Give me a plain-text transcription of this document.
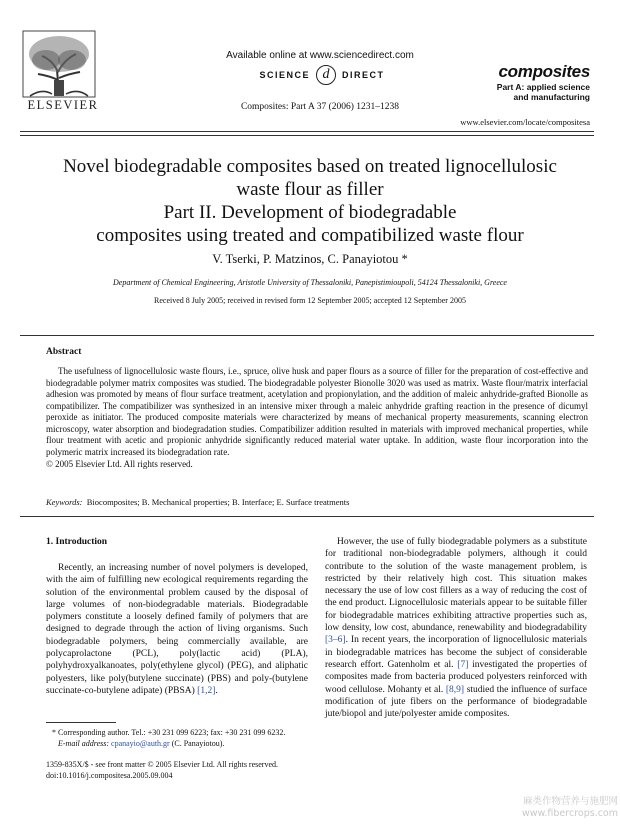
ELSEVIER
Available online at www.sciencedirect.com
SCIENCE d	DIRECT
Composites: Part A 37 (2006) 1231–1238
composites
Part A: applied science
and manufacturing
www.elsevier.com/locate/compositesa
Novel biodegradable composites based on treated lignocellulosic
waste flour as filler
Part II. Development of biodegradable
composites using treated and compatibilized waste flour
V. Tserki, P. Matzinos, C. Panayiotou *
Department of Chemical Engineering, Aristotle University of Thessaloniki, Panepistimioupoli, 54124 Thessaloniki, Greece
Received 8 July 2005; received in revised form 12 September 2005; accepted 12 September 2005
Abstract

The usefulness of lignocellulosic waste flours, i.e., spruce, olive husk and paper flours as a source of filler for the preparation of cost-effective and biodegradable polymer matrix composites was studied. The biodegradable polyester Bionolle 3020 was used as matrix. Waste flour/matrix interfacial adhesion was promoted by means of flour surface treatment, acetylation and propionylation, and the addition of maleic anhydride-grafted Bionolle as compatibilizer. The compatibilizer was synthesized in an intensive mixer through a maleic anhydride grafting reaction in the presence of dicumyl peroxide as initiator. The produced composite materials were characterized by means of mechanical property measurements, scanning electron microscopy, water absorption and biodegradation studies. Compatibilizer addition resulted in materials with improved mechanical properties, while flour treatment with acetic and propionic anhydride significantly reduced material water uptake. In addition, waste flour incorporation into the polymeric matrix increased its biodegradation rate.

© 2005 Elsevier Ltd. All rights reserved.
Keywords: Biocomposites; B. Mechanical properties; B. Interface; E. Surface treatments
1. Introduction

Recently, an increasing number of novel polymers is developed, with the aim of fulfilling new ecological requirements regarding the solution of the environmental problem caused by the disposal of large volumes of non-biodegradable materials. Biodegradable polymers constitute a loosely defined family of polymers that are designed to degrade through the action of living organisms. Such biodegradable polymers, being commercially available, are polycaprolactone (PCL), poly(lactic acid) (PLA), polyhydroxyalkanoates, poly(ethylene glycol) (PEG), and aliphatic polyesters, like poly(butylene succinate) (PBS) and poly-(butylene succinate-co-butylene adipate) (PBSA) [1,2].

However, the use of fully biodegradable polymers as a substitute for traditional non-biodegradable polymers, although it could contribute to the solution of the waste management problem, is restricted by their relatively high cost. This situation makes necessary the use of low cost fillers as a way of reducing the cost of the end product. Lignocellulosic materials appear to be suitable filler for biodegradable matrices exhibiting attractive properties such as, low density, low cost, abundance, renewability and biodegradability [3–6]. In recent years, the incorporation of lignocellulosic materials in biodegradable matrices has become the subject of considerable research effort. Gatenholm et al. [7] investigated the properties of composites made from bacteria produced polyesters reinforced with wood cellulose. Mohanty et al. [8,9] studied the influence of surface modification of jute fibers on the performance of biodegradable jute/biopol and jute/polyester amide composites.

* Corresponding author. Tel.: +30 231 099 6223; fax: +30 231 099 6232.
E-mail address: cpanayio@auth.gr (C. Panayiotou).
1359-835X/$ - see front matter © 2005 Elsevier Ltd. All rights reserved.
doi:10.1016/j.compositesa.2005.09.004
麻类作物营养与施肥网
www.fibercrops.com
